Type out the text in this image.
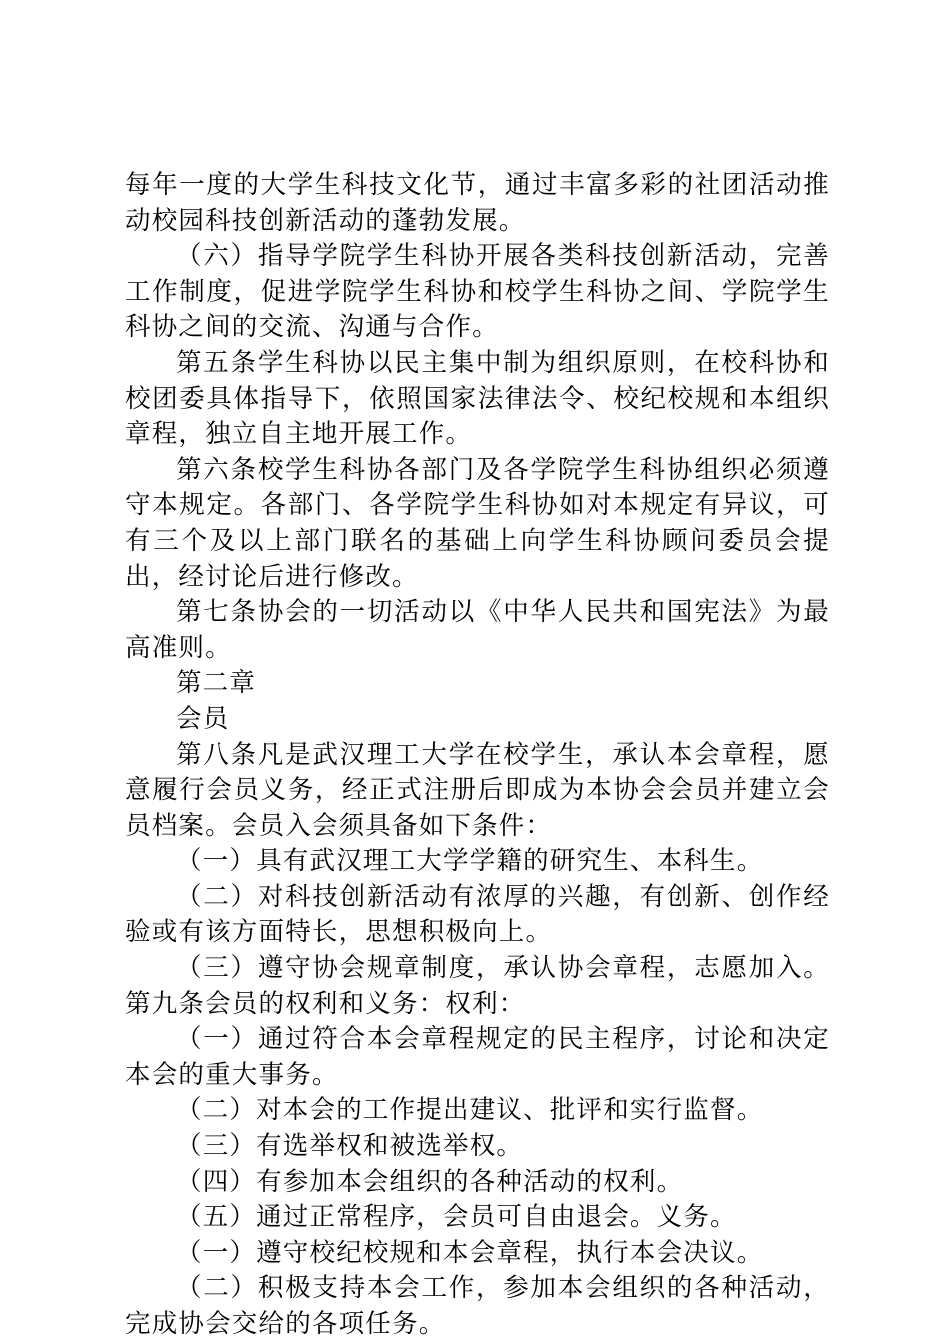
每年一度的大学生科技文化节，通过丰富多彩的社团活动推动校园科技创新活动的蓬勃发展。

（六）指导学院学生科协开展各类科技创新活动，完善工作制度，促进学院学生科协和校学生科协之间、学院学生科协之间的交流、沟通与合作。

第五条学生科协以民主集中制为组织原则，在校科协和校团委具体指导下，依照国家法律法令、校纪校规和本组织章程，独立自主地开展工作。

第六条校学生科协各部门及各学院学生科协组织必须遵守本规定。各部门、各学院学生科协如对本规定有异议，可有三个及以上部门联名的基础上向学生科协顾问委员会提出，经讨论后进行修改。

第七条协会的一切活动以《中华人民共和国宪法》为最高准则。

第二章

会员

第八条凡是武汉理工大学在校学生，承认本会章程，愿意履行会员义务，经正式注册后即成为本协会会员并建立会员档案。会员入会须具备如下条件：

（一）具有武汉理工大学学籍的研究生、本科生。

（二）对科技创新活动有浓厚的兴趣，有创新、创作经验或有该方面特长，思想积极向上。

（三）遵守协会规章制度，承认协会章程，志愿加入。第九条会员的权利和义务：权利：

（一）通过符合本会章程规定的民主程序，讨论和决定本会的重大事务。

（二）对本会的工作提出建议、批评和实行监督。

（三）有选举权和被选举权。

（四）有参加本会组织的各种活动的权利。

（五）通过正常程序，会员可自由退会。义务。

（一）遵守校纪校规和本会章程，执行本会决议。

（二）积极支持本会工作，参加本会组织的各种活动，完成协会交给的各项任务。
